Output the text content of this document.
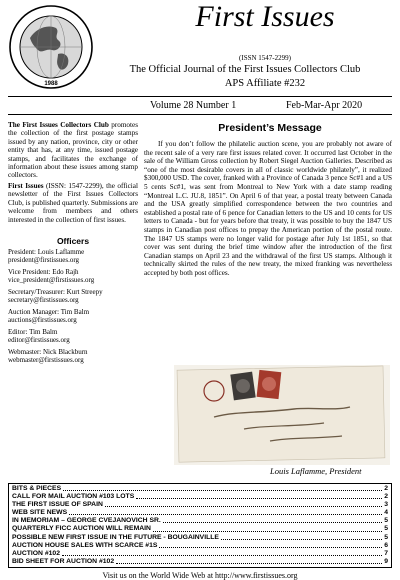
1988
First Issues
(ISSN 1547-2299)
The Official Journal of the First Issues Collectors Club
APS Affiliate #232
Volume 28 Number 1	Feb-Mar-Apr 2020
The First Issues Collectors Club promotes the collection of the first postage stamps issued by any nation, province, city or other entity that has, at any time, issued postage stamps, and facilitates the exchange of information about these issues among stamp collectors.
First Issues (ISSN: 1547-2299), the official newsletter of the First Issues Collectors Club, is published quarterly. Submissions are welcome from members and others interested in the collection of first issues.
Officers
President: Louis Laflamme
president@firstissues.org
Vice President: Edo Rajh
vice_president@firstissues.org
Secretary/Treasurer: Kurt Streepy
secretary@firstissues.org
Auction Manager: Tim Balm
auctions@firstissues.org
Editor: Tim Balm
editor@firstissues.org
Webmaster: Nick Blackburn
webmaster@firstissues.org
President’s Message

If you don’t follow the philatelic auction scene, you are probably not aware of the recent sale of a very rare first issues related cover. It occurred last October in the sale of the William Gross collection by Robert Siegel Auction Galleries. Described as “one of the most desirable covers in all of classic worldwide philately”, it realized $300,000 USD. The cover, franked with a Province of Canada 3 pence Sc#1 and a US 5 cents Sc#1, was sent from Montreal to New York with a date stamp reading “Montreal L.C. JU.8, 1851”. On April 6 of that year, a postal treaty between Canada and the USA greatly simplified correspondence between the two countries and established a postal rate of 6 pence for Canadian letters to the US and 10 cents for US letters to Canada - but for years before that treaty, it was possible to buy the 1847 US stamps in Canadian post offices to prepay the American portion of the postal route. The 1847 US stamps were no longer valid for postage after July 1st 1851, so that cover was sent during the brief time window after the introduction of the first Canadian stamps on April 23 and the withdrawal of the first US stamps. Although it technically skirted the rules of the new treaty, the mixed franking was nevertheless accepted by both post offices.

Louis Laflamme, President
BITS & PIECES	2
CALL FOR MAIL AUCTION #103 LOTS	2
THE FIRST ISSUE OF SPAIN	3
WEB SITE NEWS	4
IN MEMORIAM – GEORGE CVEJANOVICH SR.	5
QUARTERLY FICC AUCTION WILL REMAIN	5
POSSIBLE NEW FIRST ISSUE IN THE FUTURE - BOUGAINVILLE	5
AUCTION HOUSE SALES WITH SCARCE #1S	6
AUCTION #102	7
BID SHEET FOR AUCTION #102	9
Visit us on the World Wide Web at http://www.firstissues.org
